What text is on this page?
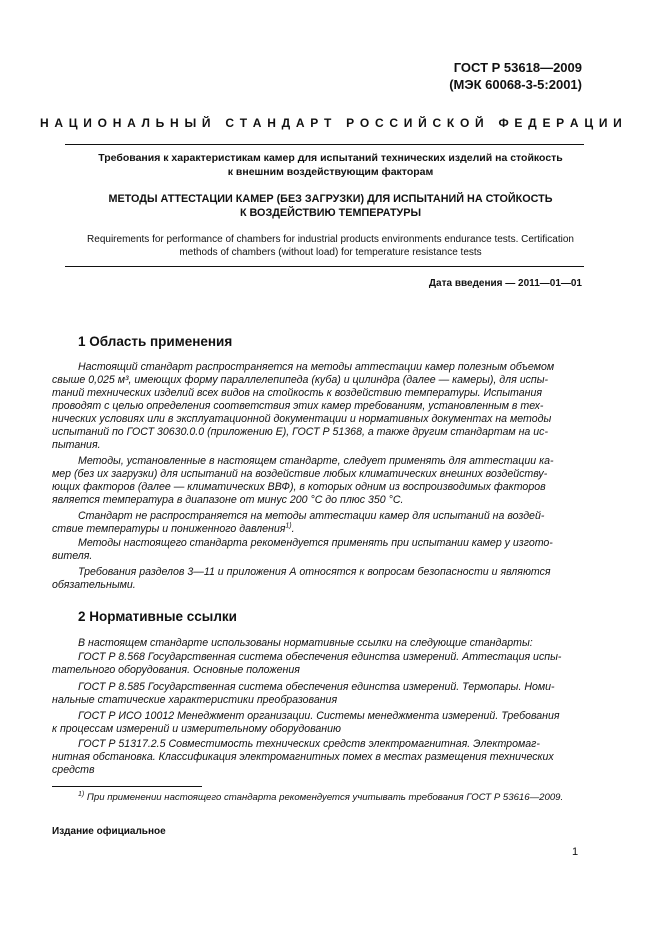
ГОСТ Р 53618—2009
(МЭК 60068-3-5:2001)
Н А Ц И О Н А Л Ь Н Ы Й   С Т А Н Д А Р Т   Р О С С И Й С К О Й   Ф Е Д Е Р А Ц И И
Требования к характеристикам камер для испытаний технических изделий на стойкость
к внешним воздействующим факторам
МЕТОДЫ АТТЕСТАЦИИ КАМЕР (БЕЗ ЗАГРУЗКИ) ДЛЯ ИСПЫТАНИЙ НА СТОЙКОСТЬ
К ВОЗДЕЙСТВИЮ ТЕМПЕРАТУРЫ
Requirements for performance of chambers for industrial products environments endurance tests. Certification
methods of chambers (without load) for temperature resistance tests
Дата введения — 2011—01—01
1 Область применения
Настоящий стандарт распространяется на методы аттестации камер полезным объемом
свыше 0,025 м³, имеющих форму параллелепипеда (куба) и цилиндра (далее — камеры), для испы-
таний технических изделий всех видов на стойкость к воздействию температуры. Испытания
проводят с целью определения соответствия этих камер требованиям, установленным в тех-
нических условиях или в эксплуатационной документации и нормативных документах на методы
испытаний по ГОСТ 30630.0.0 (приложению Е), ГОСТ Р 51368, а также другим стандартам на ис-
пытания.
Методы, установленные в настоящем стандарте, следует применять для аттестации ка-
мер (без их загрузки) для испытаний на воздействие любых климатических внешних воздейству-
ющих факторов (далее — климатических ВВФ), в которых одним из воспроизводимых факторов
является температура в диапазоне от минус 200 °С до плюс 350 °С.
Стандарт не распространяется на методы аттестации камер для испытаний на воздей-
ствие температуры и пониженного давления$^{1)}$.
Методы настоящего стандарта рекомендуется применять при испытании камер у изгото-
вителя.
Требования разделов 3—11 и приложения А относятся к вопросам безопасности и являются
обязательными.
2 Нормативные ссылки
В настоящем стандарте использованы нормативные ссылки на следующие стандарты:
ГОСТ Р 8.568 Государственная система обеспечения единства измерений. Аттестация испы-
тательного оборудования. Основные положения
ГОСТ Р 8.585 Государственная система обеспечения единства измерений. Термопары. Номи-
нальные статические характеристики преобразования
ГОСТ Р ИСО 10012 Менеджмент организации. Системы менеджмента измерений. Требования
к процессам измерений и измерительному оборудованию
ГОСТ Р 51317.2.5 Совместимость технических средств электромагнитная. Электромаг-
нитная обстановка. Классификация электромагнитных помех в местах размещения технических
средств
$^{1)}$ При применении настоящего стандарта рекомендуется учитывать требования ГОСТ Р 53616—2009.
Издание официальное
1
